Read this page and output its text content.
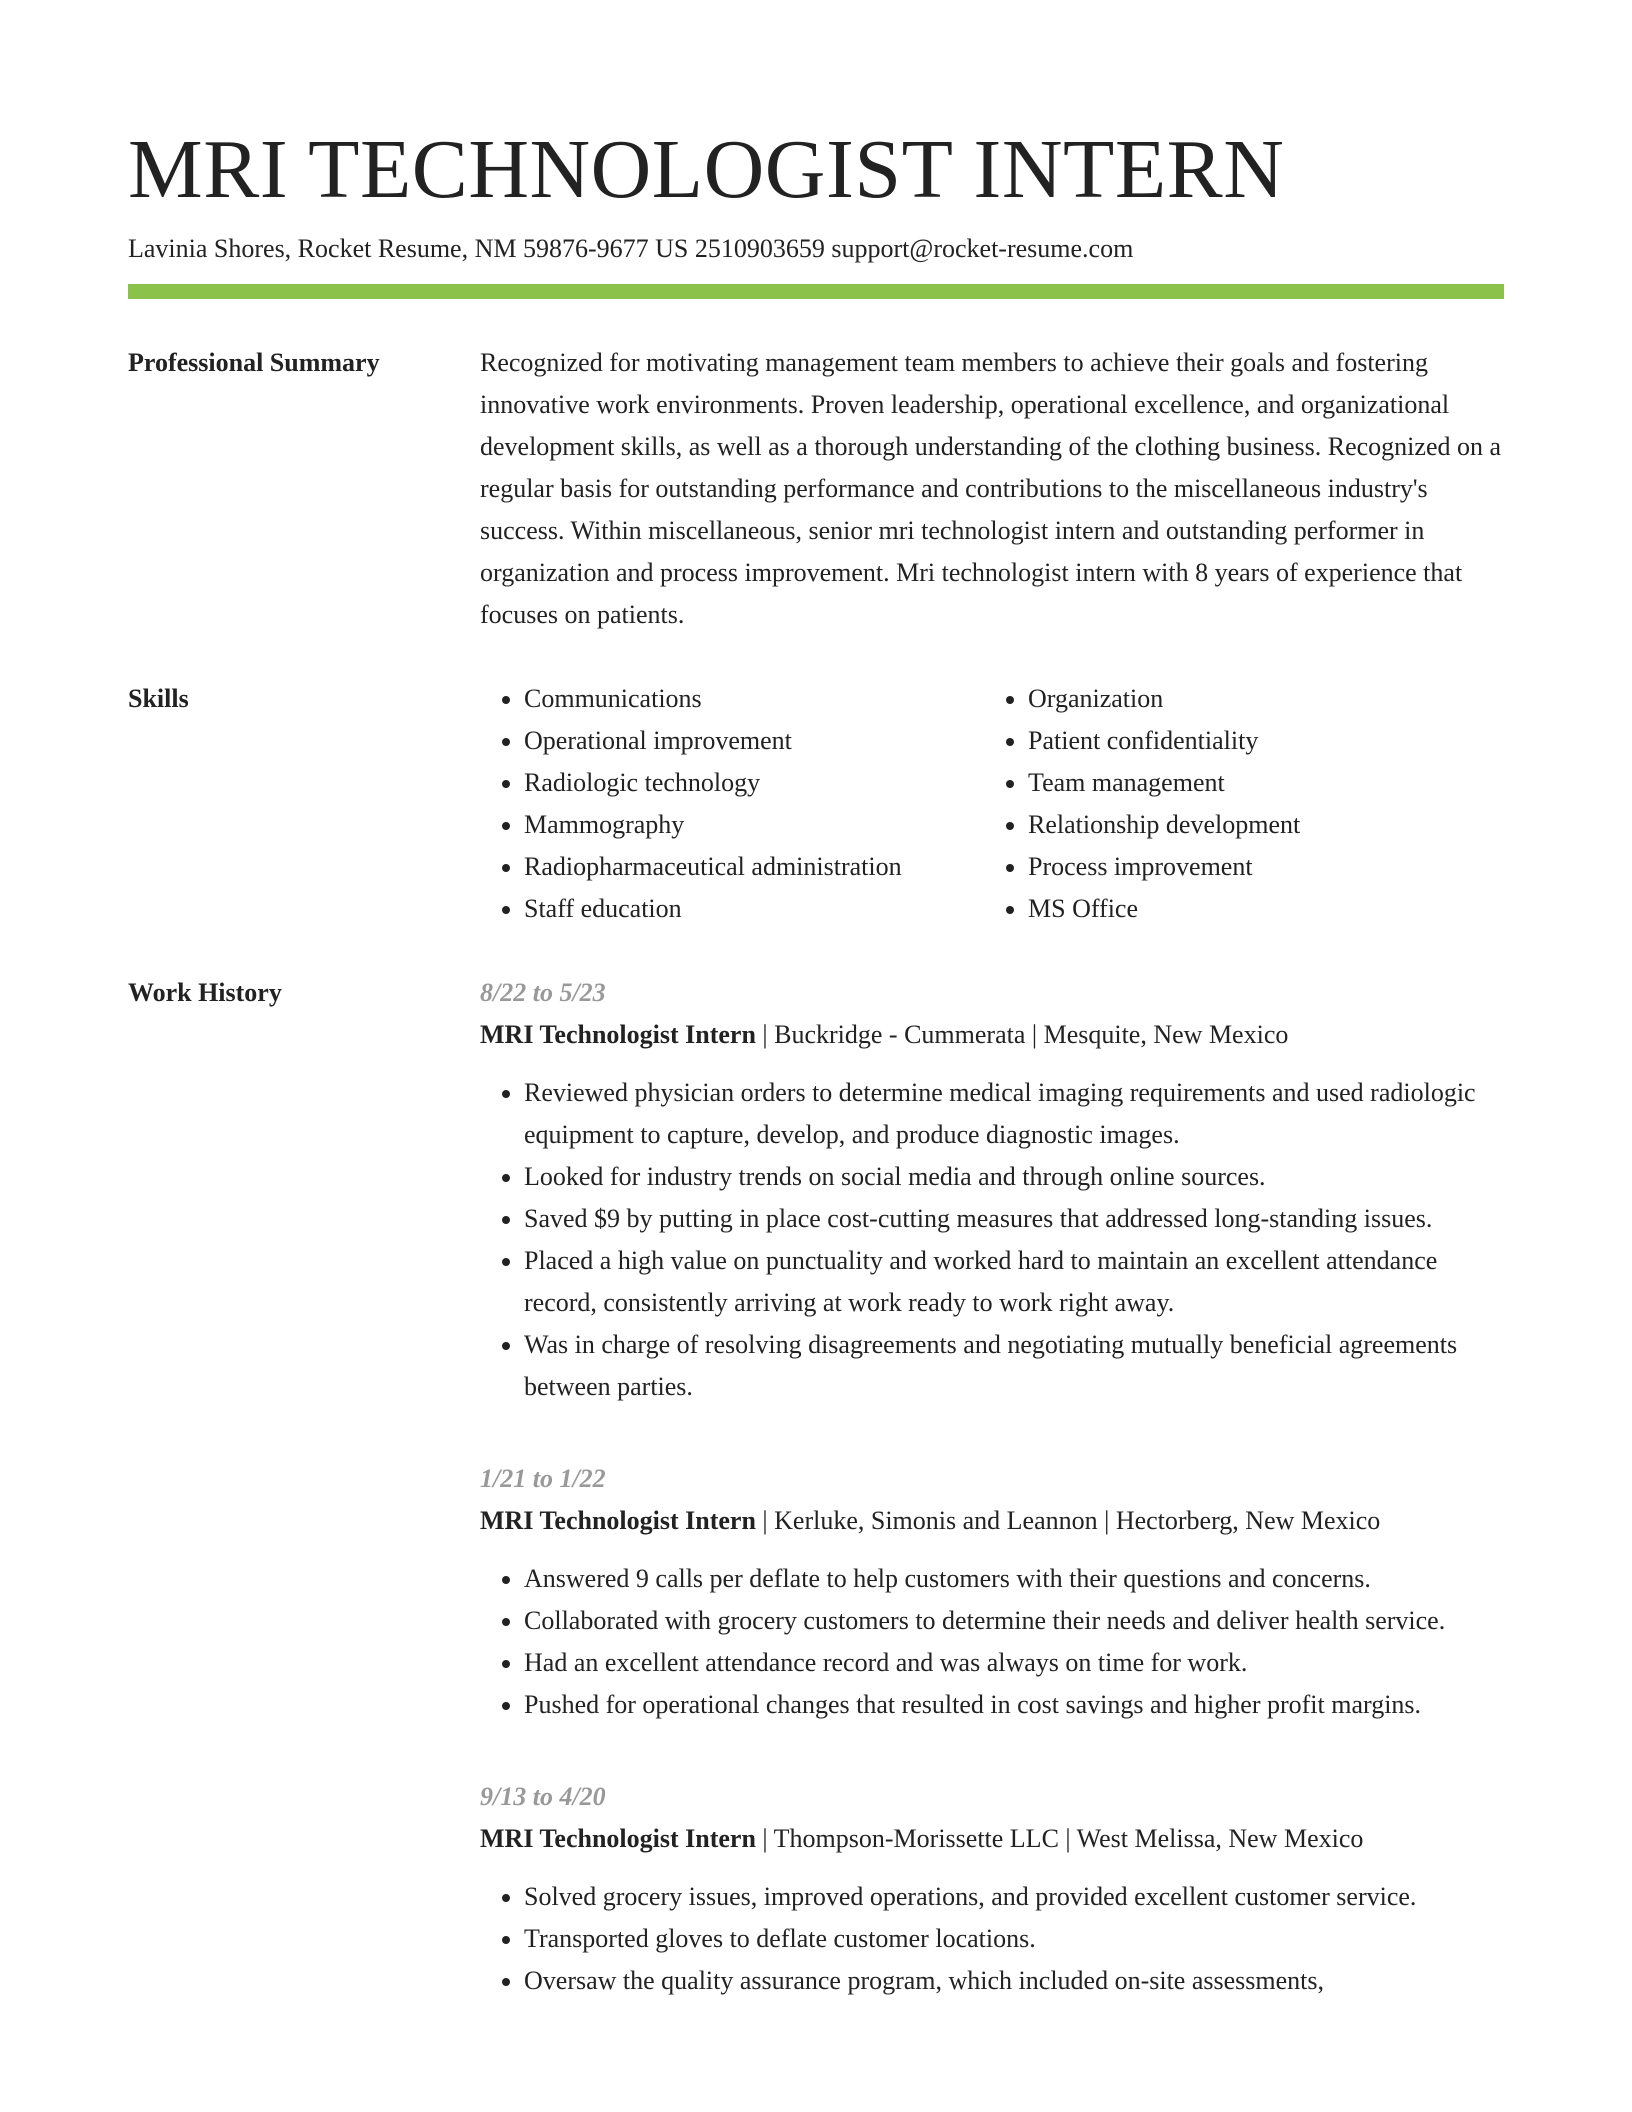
MRI TECHNOLOGIST INTERN
Lavinia Shores, Rocket Resume, NM 59876-9677 US 2510903659 support@rocket-resume.com
Professional Summary	Recognized for motivating management team members to achieve their goals and fostering innovative work environments. Proven leadership, operational excellence, and organizational development skills, as well as a thorough understanding of the clothing business. Recognized on a regular basis for outstanding performance and contributions to the miscellaneous industry's success. Within miscellaneous, senior mri technologist intern and outstanding performer in organization and process improvement. Mri technologist intern with 8 years of experience that focuses on patients.

Skills
•	Communications
• Operational improvement
• Radiologic technology
• Mammography
• Radiopharmaceutical administration
• Staff education
• Organization
• Patient confidentiality
• Team management
• Relationship development
• Process improvement
• MS Office
Work History	8/22 to 5/23
MRI Technologist Intern | Buckridge - Cummerata | Mesquite, New Mexico
• Reviewed physician orders to determine medical imaging requirements and used radiologic equipment to capture, develop, and produce diagnostic images.
• Looked for industry trends on social media and through online sources.
• Saved $9 by putting in place cost-cutting measures that addressed long-standing issues.
• Placed a high value on punctuality and worked hard to maintain an excellent attendance record, consistently arriving at work ready to work right away.
• Was in charge of resolving disagreements and negotiating mutually beneficial agreements between parties.
1/21 to 1/22
MRI Technologist Intern | Kerluke, Simonis and Leannon | Hectorberg, New Mexico
• Answered 9 calls per deflate to help customers with their questions and concerns.
• Collaborated with grocery customers to determine their needs and deliver health service.
• Had an excellent attendance record and was always on time for work.
• Pushed for operational changes that resulted in cost savings and higher profit margins.
9/13 to 4/20
MRI Technologist Intern | Thompson-Morissette LLC | West Melissa, New Mexico
• Solved grocery issues, improved operations, and provided excellent customer service.
• Transported gloves to deflate customer locations.
• Oversaw the quality assurance program, which included on-site assessments,
